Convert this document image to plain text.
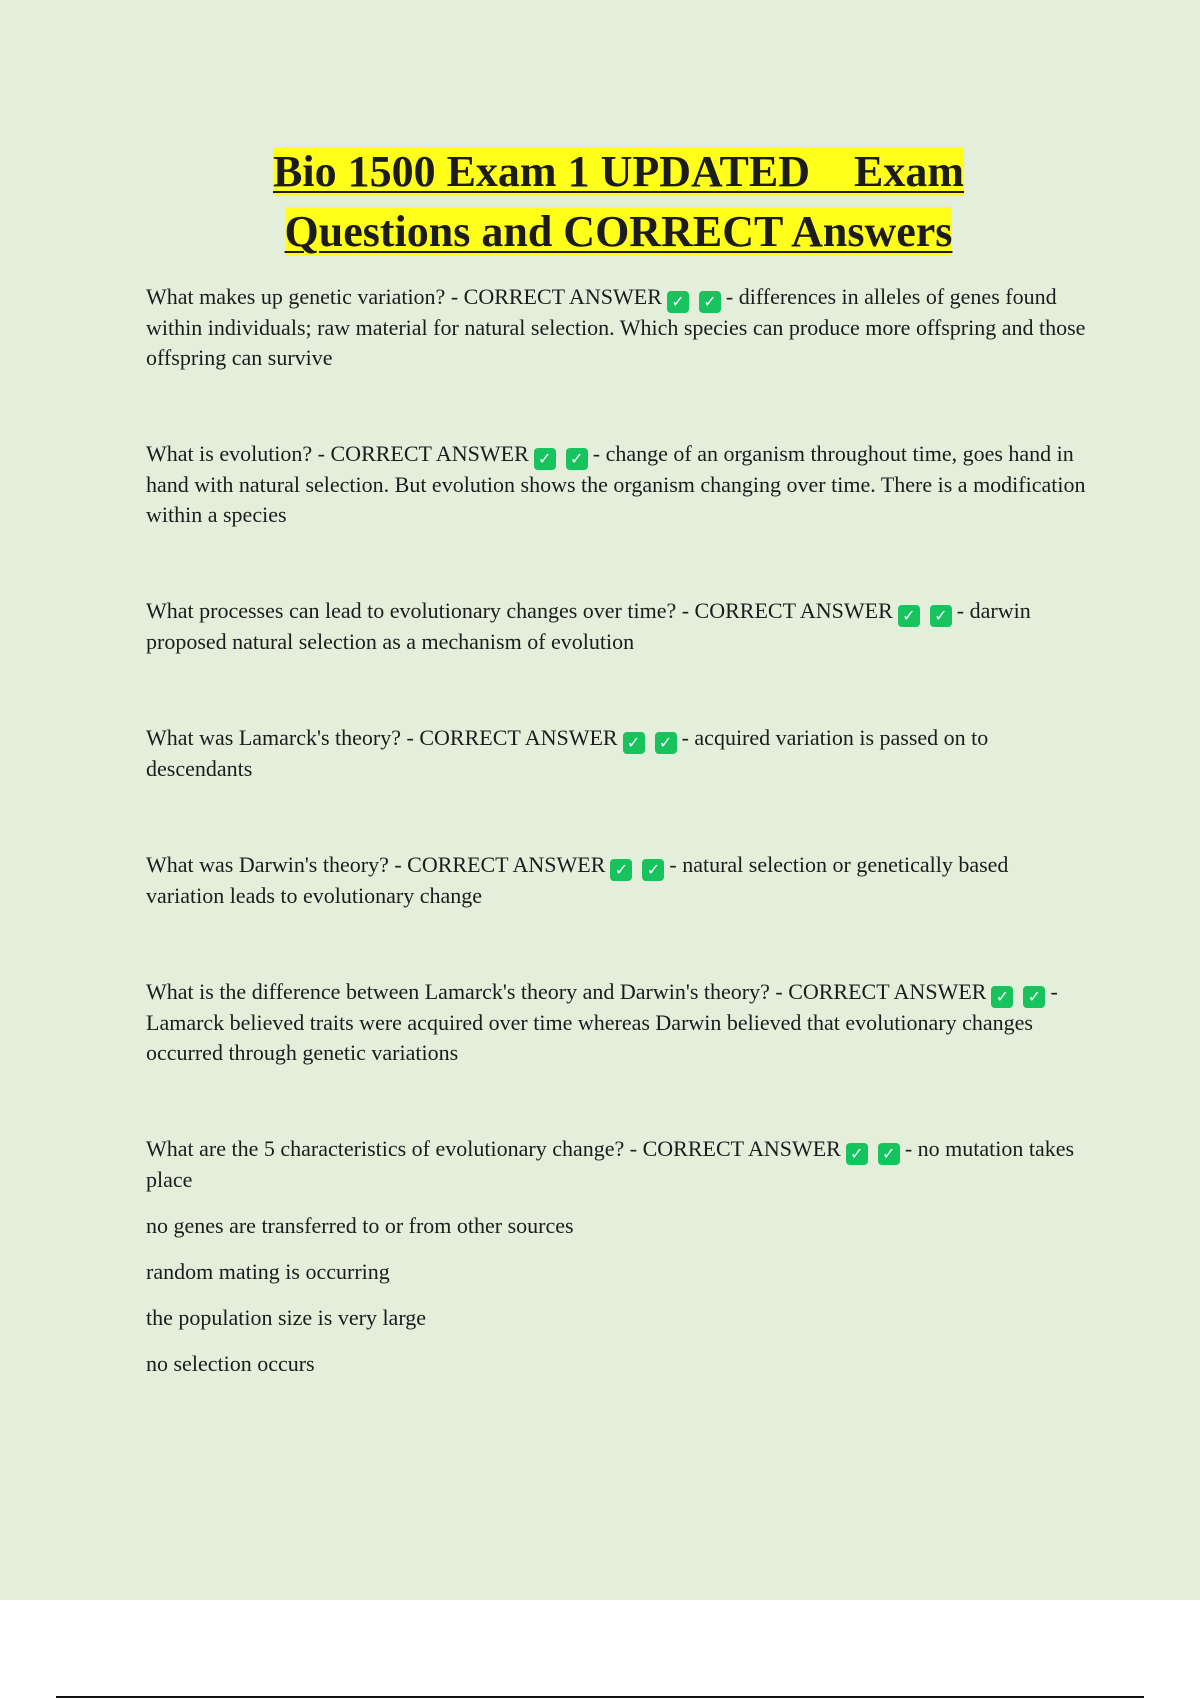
Bio 1500 Exam 1 UPDATED    Exam
Questions and CORRECT Answers
What makes up genetic variation? - CORRECT ANSWER ✓ ✓ - differences in alleles of genes found within individuals; raw material for natural selection. Which species can produce more offspring and those offspring can survive
What is evolution? - CORRECT ANSWER ✓ ✓ - change of an organism throughout time, goes hand in hand with natural selection. But evolution shows the organism changing over time. There is a modification within a species
What processes can lead to evolutionary changes over time? - CORRECT ANSWER ✓ ✓ - darwin proposed natural selection as a mechanism of evolution
What was Lamarck's theory? - CORRECT ANSWER ✓ ✓ - acquired variation is passed on to descendants
What was Darwin's theory? - CORRECT ANSWER ✓ ✓ - natural selection or genetically based variation leads to evolutionary change
What is the difference between Lamarck's theory and Darwin's theory? - CORRECT ANSWER ✓ ✓ - Lamarck believed traits were acquired over time whereas Darwin believed that evolutionary changes occurred through genetic variations
What are the 5 characteristics of evolutionary change? - CORRECT ANSWER ✓ ✓ - no mutation takes place

no genes are transferred to or from other sources

random mating is occurring

the population size is very large

no selection occurs
